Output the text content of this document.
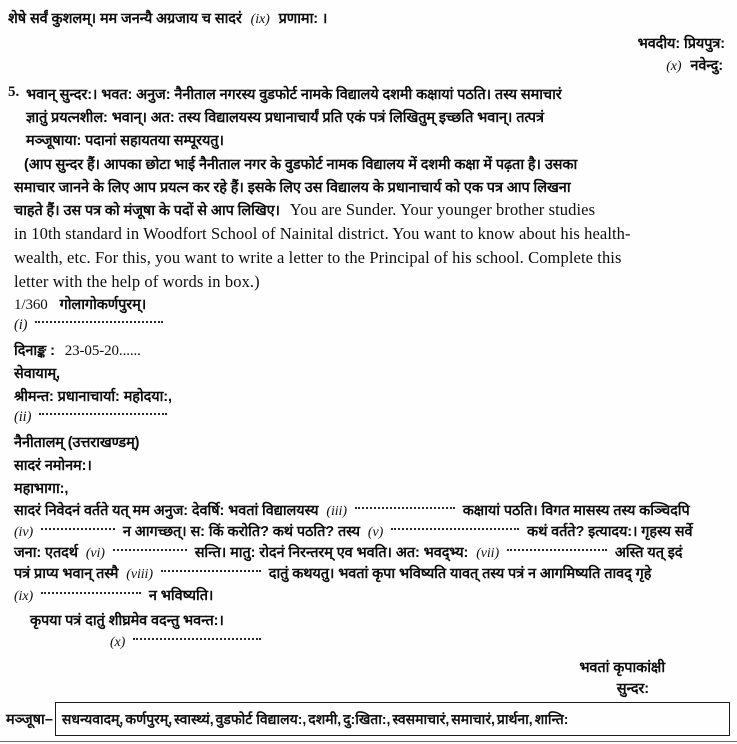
शेषे सर्वं कुशलम्। मम जनन्यै अग्रजाय च सादरं (ix) प्रणामा: ।
भवदीय: प्रियपुत्र:
(x) नवेन्दु:
5. भवान् सुन्दर:। भवत: अनुज: नैनीताल नगरस्य वुडफोर्ट नामके विद्यालये दशमी कक्षायां पठति। तस्य समाचारं
ज्ञातुं प्रयत्नशील: भवान्। अत: तस्य विद्यालयस्य प्रधानाचार्यं प्रति एकं पत्रं लिखितुम् इच्छति भवान्। तत्पत्रं
मञ्जूषाया: पदानां सहायतया सम्पूरयतु।
(आप सुन्दर हैं। आपका छोटा भाई नैनीताल नगर के वुडफोर्ट नामक विद्यालय में दशमी कक्षा में पढ़ता है। उसका
समाचार जानने के लिए आप प्रयत्न कर रहे हैं। इसके लिए उस विद्यालय के प्रधानाचार्य को एक पत्र आप लिखना
चाहते हैं। उस पत्र को मंजूषा के पदों से आप लिखिए। You are Sunder. Your younger brother studies
in 10th standard in Woodfort School of Nainital district. You want to know about his health-
wealth, etc. For this, you want to write a letter to the Principal of his school. Complete this
letter with the help of words in box.)
1/360 गोलागोकर्णपुरम्।
(i)
दिनाङ्क : 23-05-20......
सेवायाम्,
श्रीमन्त: प्रधानाचार्या: महोदया:,
(ii)
नैनीतालम् (उत्तराखण्डम्)
सादरं नमोनम:।
महाभागा:,
सादरं निवेदनं वर्तते यत् मम अनुज: देवर्षि: भवतां विद्यालयस्य (iii)	कक्षायां पठति। विगत मासस्य तस्य कञ्चिदपि
(iv)	न आगच्छत्। स: किं करोति? कथं पठति? तस्य (v)	कथं वर्तते? इत्यादय:। गृहस्य सर्वे
जना: एतदर्थ (vi)	सन्ति। मातु: रोदनं निरन्तरम् एव भवति। अत: भवद्भ्य: (vii)	अस्ति यत् इदं
पत्रं प्राप्य भवान् तस्मै (viii)	दातुं कथयतु। भवतां कृपा भविष्यति यावत् तस्य पत्रं न आगमिष्यति तावद् गृहे
(ix)	न भविष्यति।
कृपया पत्रं दातुं शीघ्रमेव वदन्तु भवन्त:।
(x)
भवतां कृपाकांक्षी
सुन्दर:
मञ्जूषा– सधन्यवादम्, कर्णपुरम्, स्वास्थ्यं, वुडफोर्ट विद्यालय:, दशमी, दु:खिता:, स्वसमाचारं, समाचारं, प्रार्थना, शान्ति:
